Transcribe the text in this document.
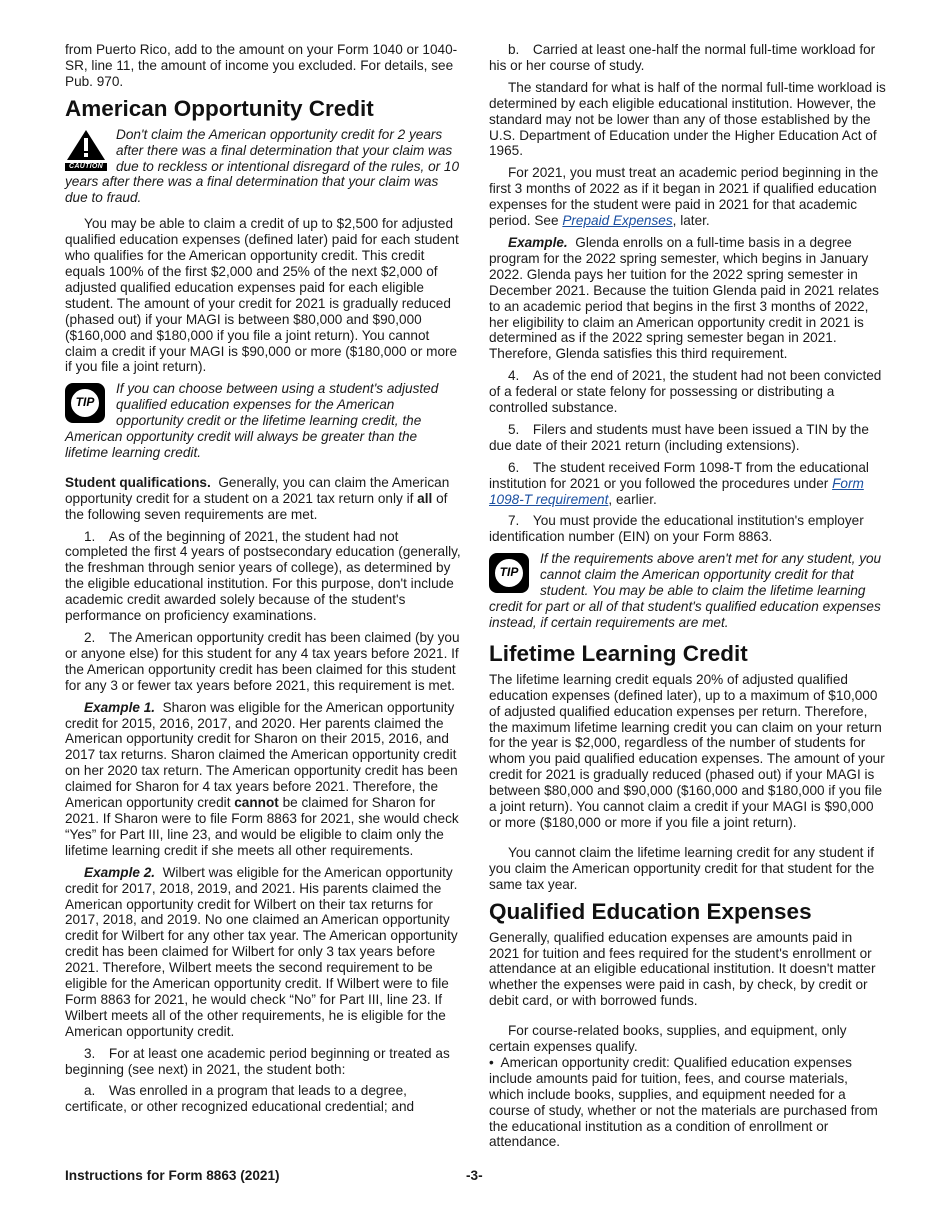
from Puerto Rico, add to the amount on your Form 1040 or 1040-SR, line 11, the amount of income you excluded. For details, see Pub. 970.

American Opportunity Credit
CAUTION
Don't claim the American opportunity credit for 2 years after there was a final determination that your claim was due to reckless or intentional disregard of the rules, or 10 years after there was a final determination that your claim was due to fraud.

You may be able to claim a credit of up to $2,500 for adjusted qualified education expenses (defined later) paid for each student who qualifies for the American opportunity credit. This credit equals 100% of the first $2,000 and 25% of the next $2,000 of adjusted qualified education expenses paid for each eligible student. The amount of your credit for 2021 is gradually reduced (phased out) if your MAGI is between $80,000 and $90,000 ($160,000 and $180,000 if you file a joint return). You cannot claim a credit if your MAGI is $90,000 or more ($180,000 or more if you file a joint return).

TIP
If you can choose between using a student's adjusted qualified education expenses for the American opportunity credit or the lifetime learning credit, the American opportunity credit will always be greater than the lifetime learning credit.

Student qualifications. Generally, you can claim the American opportunity credit for a student on a 2021 tax return only if all of the following seven requirements are met.

1. As of the beginning of 2021, the student had not completed the first 4 years of postsecondary education (generally, the freshman through senior years of college), as determined by the eligible educational institution. For this purpose, don't include academic credit awarded solely because of the student's performance on proficiency examinations.

2. The American opportunity credit has been claimed (by you or anyone else) for this student for any 4 tax years before 2021. If the American opportunity credit has been claimed for this student for any 3 or fewer tax years before 2021, this requirement is met.

Example 1. Sharon was eligible for the American opportunity credit for 2015, 2016, 2017, and 2020. Her parents claimed the American opportunity credit for Sharon on their 2015, 2016, and 2017 tax returns. Sharon claimed the American opportunity credit on her 2020 tax return. The American opportunity credit has been claimed for Sharon for 4 tax years before 2021. Therefore, the American opportunity credit cannot be claimed for Sharon for 2021. If Sharon were to file Form 8863 for 2021, she would check “Yes” for Part III, line 23, and would be eligible to claim only the lifetime learning credit if she meets all other requirements.

Example 2. Wilbert was eligible for the American opportunity credit for 2017, 2018, 2019, and 2021. His parents claimed the American opportunity credit for Wilbert on their tax returns for 2017, 2018, and 2019. No one claimed an American opportunity credit for Wilbert for any other tax year. The American opportunity credit has been claimed for Wilbert for only 3 tax years before 2021. Therefore, Wilbert meets the second requirement to be eligible for the American opportunity credit. If Wilbert were to file Form 8863 for 2021, he would check “No” for Part III, line 23. If Wilbert meets all of the other requirements, he is eligible for the American opportunity credit.

3. For at least one academic period beginning or treated as beginning (see next) in 2021, the student both:

a. Was enrolled in a program that leads to a degree, certificate, or other recognized educational credential; and

b. Carried at least one-half the normal full-time workload for his or her course of study.

The standard for what is half of the normal full-time workload is determined by each eligible educational institution. However, the standard may not be lower than any of those established by the U.S. Department of Education under the Higher Education Act of 1965.

For 2021, you must treat an academic period beginning in the first 3 months of 2022 as if it began in 2021 if qualified education expenses for the student were paid in 2021 for that academic period. See Prepaid Expenses, later.

Example. Glenda enrolls on a full-time basis in a degree program for the 2022 spring semester, which begins in January 2022. Glenda pays her tuition for the 2022 spring semester in December 2021. Because the tuition Glenda paid in 2021 relates to an academic period that begins in the first 3 months of 2022, her eligibility to claim an American opportunity credit in 2021 is determined as if the 2022 spring semester began in 2021. Therefore, Glenda satisfies this third requirement.

4. As of the end of 2021, the student had not been convicted of a federal or state felony for possessing or distributing a controlled substance.

5. Filers and students must have been issued a TIN by the due date of their 2021 return (including extensions).

6. The student received Form 1098-T from the educational institution for 2021 or you followed the procedures under Form 1098-T requirement, earlier.

7. You must provide the educational institution's employer identification number (EIN) on your Form 8863.

TIP
If the requirements above aren't met for any student, you cannot claim the American opportunity credit for that student. You may be able to claim the lifetime learning credit for part or all of that student's qualified education expenses instead, if certain requirements are met.
Lifetime Learning Credit

The lifetime learning credit equals 20% of adjusted qualified education expenses (defined later), up to a maximum of $10,000 of adjusted qualified education expenses per return. Therefore, the maximum lifetime learning credit you can claim on your return for the year is $2,000, regardless of the number of students for whom you paid qualified education expenses. The amount of your credit for 2021 is gradually reduced (phased out) if your MAGI is between $80,000 and $90,000 ($160,000 and $180,000 if you file a joint return). You cannot claim a credit if your MAGI is $90,000 or more ($180,000 or more if you file a joint return).

You cannot claim the lifetime learning credit for any student if you claim the American opportunity credit for that student for the same tax year.

Qualified Education Expenses

Generally, qualified education expenses are amounts paid in 2021 for tuition and fees required for the student's enrollment or attendance at an eligible educational institution. It doesn't matter whether the expenses were paid in cash, by check, by credit or debit card, or with borrowed funds.

For course-related books, supplies, and equipment, only certain expenses qualify.

• American opportunity credit: Qualified education expenses include amounts paid for tuition, fees, and course materials, which include books, supplies, and equipment needed for a course of study, whether or not the materials are purchased from the educational institution as a condition of enrollment or attendance.

Instructions for Form 8863 (2021)	-3-
